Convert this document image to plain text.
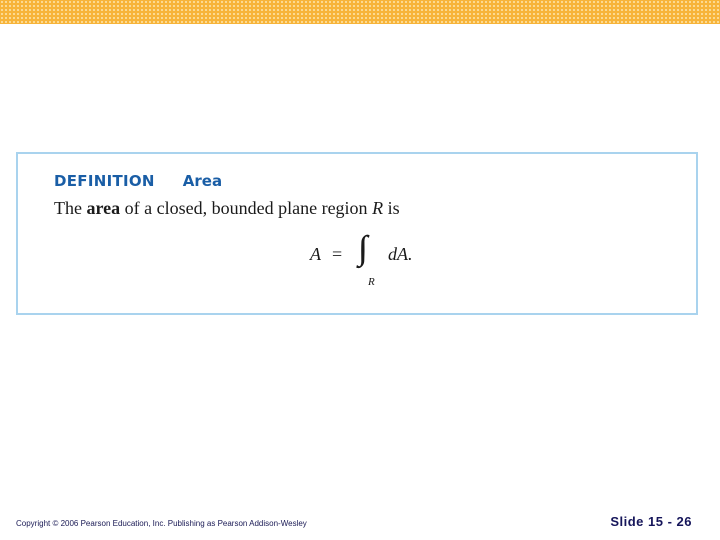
DEFINITION Area
The area of a closed, bounded plane region R is
A = ∫∫
R
dA.
Copyright © 2006 Pearson Education, Inc. Publishing as Pearson Addison-Wesley	Slide 15 - 26
